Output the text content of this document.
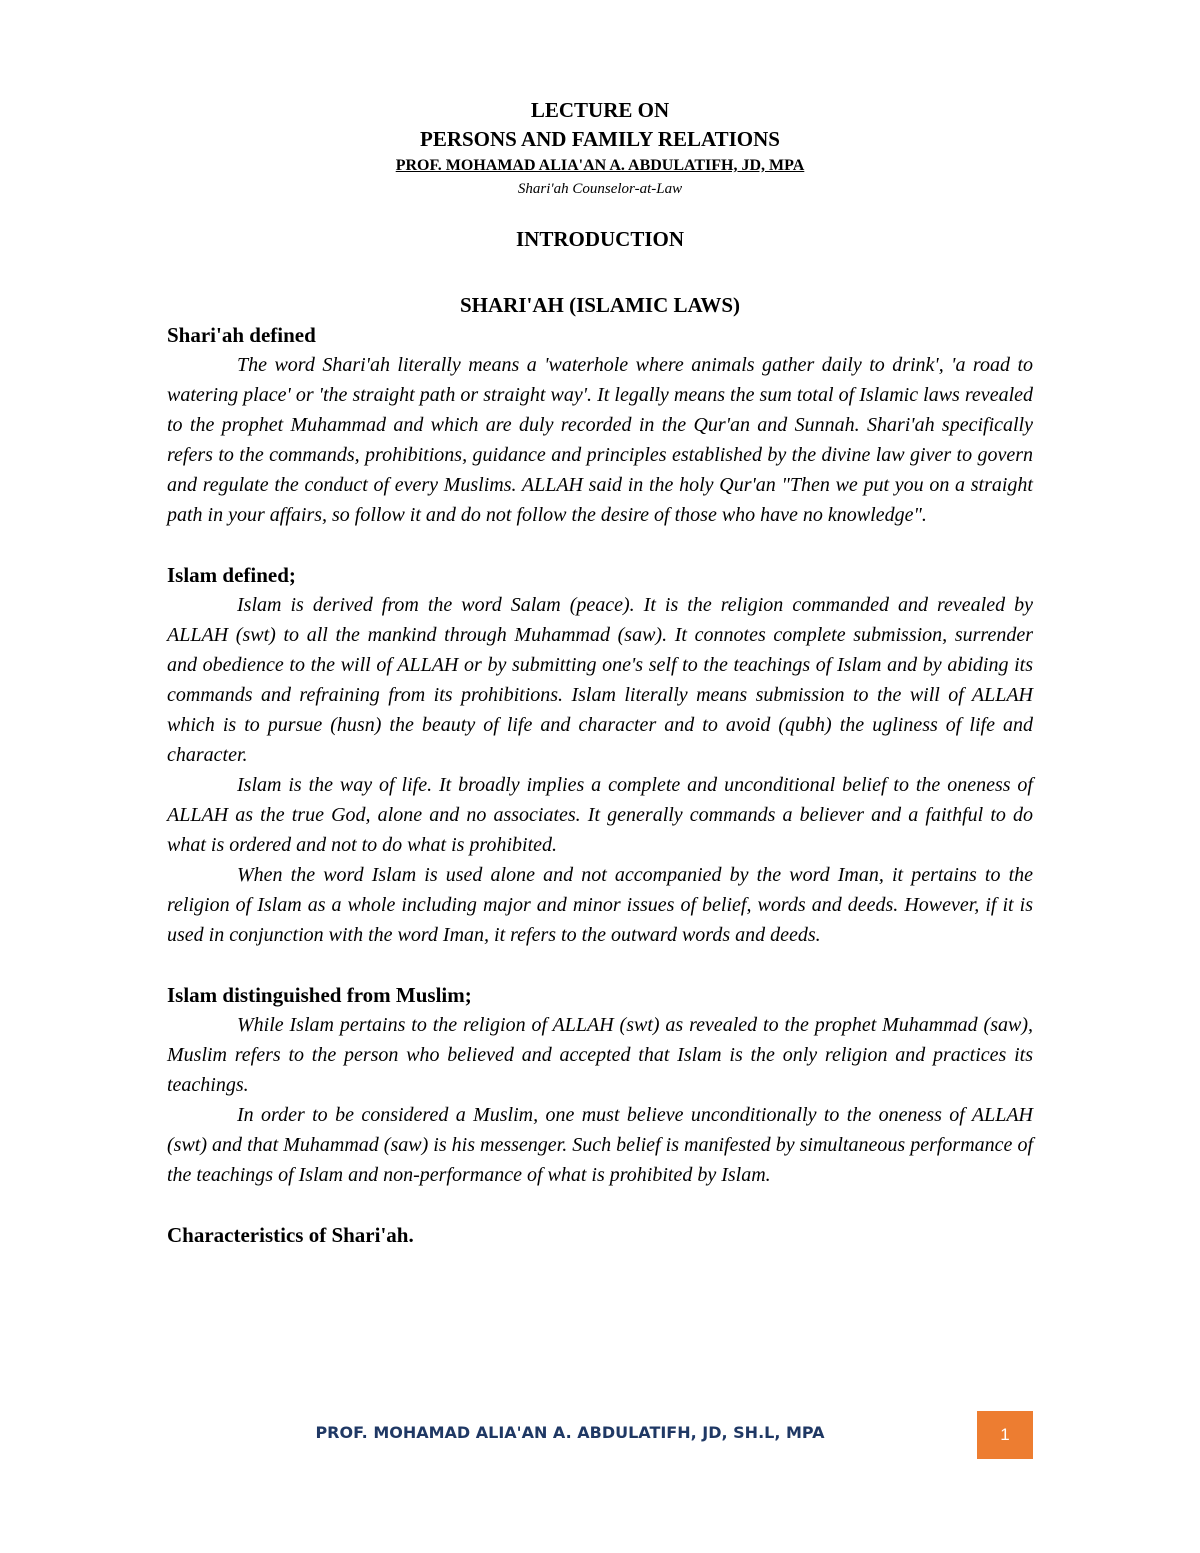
LECTURE ON
PERSONS AND FAMILY RELATIONS
PROF. MOHAMAD ALIA'AN A. ABDULATIFH, JD, MPA
Shari'ah Counselor-at-Law
INTRODUCTION
SHARI'AH (ISLAMIC LAWS)
Shari'ah defined

The word Shari'ah literally means a 'waterhole where animals gather daily to drink', 'a road to watering place' or 'the straight path or straight way'. It legally means the sum total of Islamic laws revealed to the prophet Muhammad and which are duly recorded in the Qur'an and Sunnah. Shari'ah specifically refers to the commands, prohibitions, guidance and principles established by the divine law giver to govern and regulate the conduct of every Muslims. ALLAH said in the holy Qur'an "Then we put you on a straight path in your affairs, so follow it and do not follow the desire of those who have no knowledge".

Islam defined;

Islam is derived from the word Salam (peace). It is the religion commanded and revealed by ALLAH (swt) to all the mankind through Muhammad (saw). It connotes complete submission, surrender and obedience to the will of ALLAH or by submitting one's self to the teachings of Islam and by abiding its commands and refraining from its prohibitions. Islam literally means submission to the will of ALLAH which is to pursue (husn) the beauty of life and character and to avoid (qubh) the ugliness of life and character.

Islam is the way of life. It broadly implies a complete and unconditional belief to the oneness of ALLAH as the true God, alone and no associates. It generally commands a believer and a faithful to do what is ordered and not to do what is prohibited.

When the word Islam is used alone and not accompanied by the word Iman, it pertains to the religion of Islam as a whole including major and minor issues of belief, words and deeds. However, if it is used in conjunction with the word Iman, it refers to the outward words and deeds.

Islam distinguished from Muslim;

While Islam pertains to the religion of ALLAH (swt) as revealed to the prophet Muhammad (saw), Muslim refers to the person who believed and accepted that Islam is the only religion and practices its teachings.

In order to be considered a Muslim, one must believe unconditionally to the oneness of ALLAH (swt) and that Muhammad (saw) is his messenger. Such belief is manifested by simultaneous performance of the teachings of Islam and non-performance of what is prohibited by Islam.

Characteristics of Shari'ah.
PROF. MOHAMAD ALIA'AN A. ABDULATIFH, JD, SH.L, MPA	1
